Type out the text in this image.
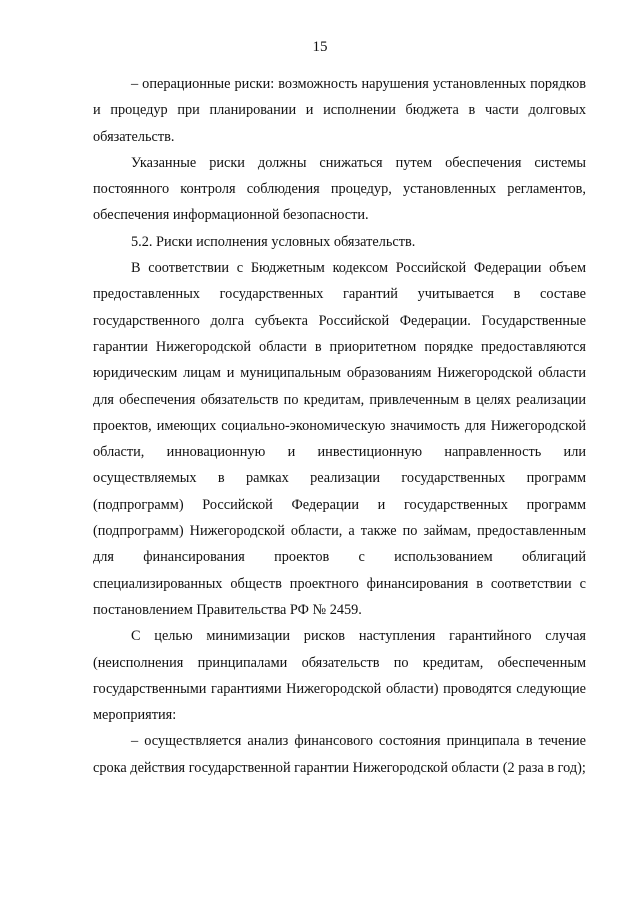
15

– операционные риски: возможность нарушения установленных порядков и процедур при планировании и исполнении бюджета в части долговых обязательств.

Указанные риски должны снижаться путем обеспечения системы постоянного контроля соблюдения процедур, установленных регламентов, обеспечения информационной безопасности.

5.2. Риски исполнения условных обязательств.

В соответствии с Бюджетным кодексом Российской Федерации объем предоставленных государственных гарантий учитывается в составе государственного долга субъекта Российской Федерации. Государственные гарантии Нижегородской области в приоритетном порядке предоставляются юридическим лицам и муниципальным образованиям Нижегородской области для обеспечения обязательств по кредитам, привлеченным в целях реализации проектов, имеющих социально-экономическую значимость для Нижегородской области, инновационную и инвестиционную направленность или осуществляемых в рамках реализации государственных программ (подпрограмм) Российской Федерации и государственных программ (подпрограмм) Нижегородской области, а также по займам, предоставленным для финансирования проектов с использованием облигаций специализированных обществ проектного финансирования в соответствии с постановлением Правительства РФ № 2459.

С целью минимизации рисков наступления гарантийного случая (неисполнения принципалами обязательств по кредитам, обеспеченным государственными гарантиями Нижегородской области) проводятся следующие мероприятия:

– осуществляется анализ финансового состояния принципала в течение срока действия государственной гарантии Нижегородской области (2 раза в год);
